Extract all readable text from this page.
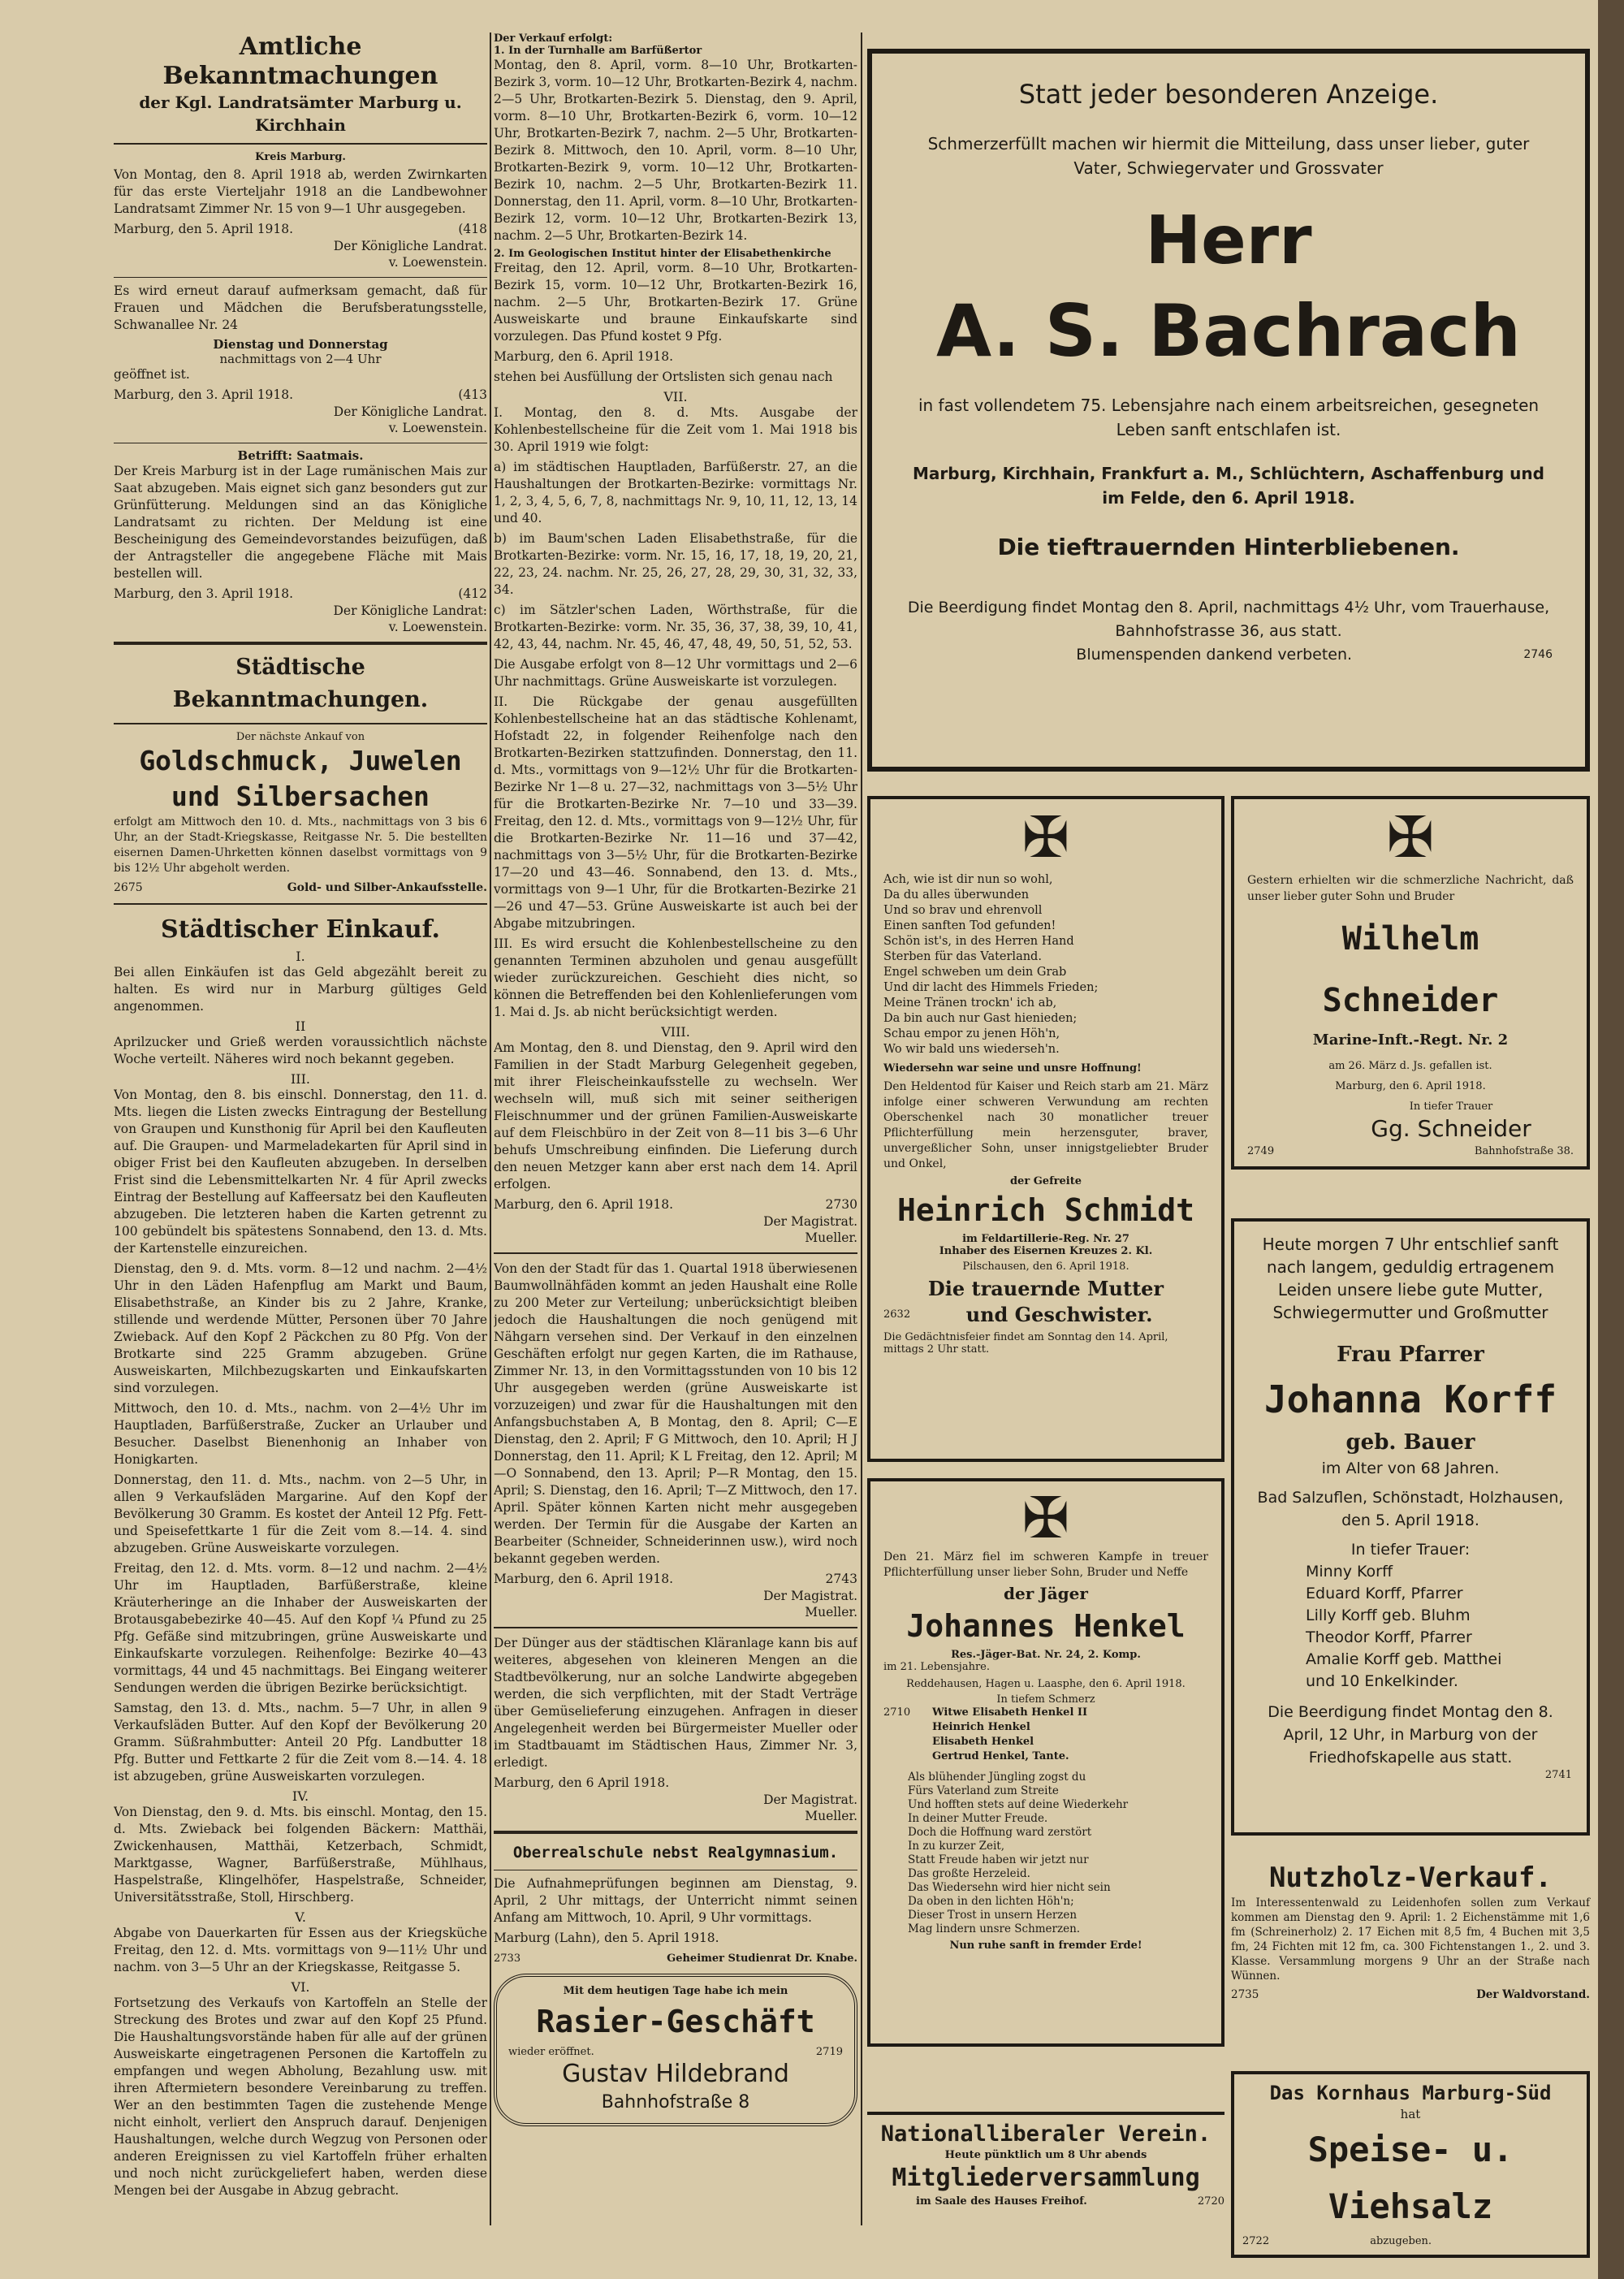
Amtliche Bekanntmachungen
der Kgl. Landratsämter Marburg u. Kirchhain
Kreis Marburg.

Von Montag, den 8. April 1918 ab, werden Zwirnkarten für das erste Vierteljahr 1918 an die Landbewohner Landratsamt Zimmer Nr. 15 von 9—1 Uhr ausgegeben.

Marburg, den 5. April 1918.	(418

Der Königliche Landrat.
v. Loewenstein.

Es wird erneut darauf aufmerksam gemacht, daß für Frauen und Mädchen die Berufsberatungsstelle, Schwanallee Nr. 24

Dienstag und Donnerstag
nachmittags von 2—4 Uhr

geöffnet ist.

Marburg, den 3. April 1918.	(413

Der Königliche Landrat.
v. Loewenstein.
Betrifft: Saatmais.

Der Kreis Marburg ist in der Lage rumänischen Mais zur Saat abzugeben. Mais eignet sich ganz besonders gut zur Grünfütterung. Meldungen sind an das Königliche Landratsamt zu richten. Der Meldung ist eine Bescheinigung des Gemeindevorstandes beizufügen, daß der Antragsteller die angegebene Fläche mit Mais bestellen will.

Marburg, den 3. April 1918.	(412

Der Königliche Landrat:
v. Loewenstein.
Städtische Bekanntmachungen.
Der nächste Ankauf von
Goldschmuck, Juwelen
und Silbersachen

erfolgt am Mittwoch den 10. d. Mts., nachmittags von 3 bis 6 Uhr, an der Stadt-Kriegskasse, Reitgasse Nr. 5. Die bestellten eisernen Damen-Uhrketten können daselbst vormittags von 9 bis 12½ Uhr abgeholt werden.

2675	Gold- und Silber-Ankaufsstelle.

Städtischer Einkauf.
I.

Bei allen Einkäufen ist das Geld abgezählt bereit zu halten. Es wird nur in Marburg gültiges Geld angenommen.

II

Aprilzucker und Grieß werden voraussichtlich nächste Woche verteilt. Näheres wird noch bekannt gegeben.

III.

Von Montag, den 8. bis einschl. Donnerstag, den 11. d. Mts. liegen die Listen zwecks Eintragung der Bestellung von Graupen und Kunsthonig für April bei den Kaufleuten auf. Die Graupen- und Marmeladekarten für April sind in obiger Frist bei den Kaufleuten abzugeben. In derselben Frist sind die Lebensmittelkarten Nr. 4 für April zwecks Eintrag der Bestellung auf Kaffeersatz bei den Kaufleuten abzugeben. Die letzteren haben die Karten getrennt zu 100 gebündelt bis spätestens Sonnabend, den 13. d. Mts. der Kartenstelle einzureichen.

Dienstag, den 9. d. Mts. vorm. 8—12 und nachm. 2—4½ Uhr in den Läden Hafenpflug am Markt und Baum, Elisabethstraße, an Kinder bis zu 2 Jahre, Kranke, stillende und werdende Mütter, Personen über 70 Jahre Zwieback. Auf den Kopf 2 Päckchen zu 80 Pfg. Von der Brotkarte sind 225 Gramm abzugeben. Grüne Ausweiskarten, Milchbezugskarten und Einkaufskarten sind vorzulegen.

Mittwoch, den 10. d. Mts., nachm. von 2—4½ Uhr im Hauptladen, Barfüßerstraße, Zucker an Urlauber und Besucher. Daselbst Bienenhonig an Inhaber von Honigkarten.

Donnerstag, den 11. d. Mts., nachm. von 2—5 Uhr, in allen 9 Verkaufsläden Margarine. Auf den Kopf der Bevölkerung 30 Gramm. Es kostet der Anteil 12 Pfg. Fett- und Speisefettkarte 1 für die Zeit vom 8.—14. 4. sind abzugeben. Grüne Ausweiskarte vorzulegen.

Freitag, den 12. d. Mts. vorm. 8—12 und nachm. 2—4½ Uhr im Hauptladen, Barfüßerstraße, kleine Kräuterheringe an die Inhaber der Ausweiskarten der Brotausgabebezirke 40—45. Auf den Kopf ¼ Pfund zu 25 Pfg. Gefäße sind mitzubringen, grüne Ausweiskarte und Einkaufskarte vorzulegen. Reihenfolge: Bezirke 40—43 vormittags, 44 und 45 nachmittags. Bei Eingang weiterer Sendungen werden die übrigen Bezirke berücksichtigt.

Samstag, den 13. d. Mts., nachm. 5—7 Uhr, in allen 9 Verkaufsläden Butter. Auf den Kopf der Bevölkerung 20 Gramm. Süßrahmbutter: Anteil 20 Pfg. Landbutter 18 Pfg. Butter und Fettkarte 2 für die Zeit vom 8.—14. 4. 18 ist abzugeben, grüne Ausweiskarten vorzulegen.

IV.

Von Dienstag, den 9. d. Mts. bis einschl. Montag, den 15. d. Mts. Zwieback bei folgenden Bäckern: Matthäi, Zwickenhausen, Matthäi, Ketzerbach, Schmidt, Marktgasse, Wagner, Barfüßerstraße, Mühlhaus, Haspelstraße, Klingelhöfer, Haspelstraße, Schneider, Universitätsstraße, Stoll, Hirschberg.

V.

Abgabe von Dauerkarten für Essen aus der Kriegsküche Freitag, den 12. d. Mts. vormittags von 9—11½ Uhr und nachm. von 3—5 Uhr an der Kriegskasse, Reitgasse 5.

VI.

Fortsetzung des Verkaufs von Kartoffeln an Stelle der Streckung des Brotes und zwar auf den Kopf 25 Pfund. Die Haushaltungsvorstände haben für alle auf der grünen Ausweiskarte eingetragenen Personen die Kartoffeln zu empfangen und wegen Abholung, Bezahlung usw. mit ihren Aftermietern besondere Vereinbarung zu treffen. Wer an den bestimmten Tagen die zustehende Menge nicht einholt, verliert den Anspruch darauf. Denjenigen Haushaltungen, welche durch Wegzug von Personen oder anderen Ereignissen zu viel Kartoffeln früher erhalten und noch nicht zurückgeliefert haben, werden diese Mengen bei der Ausgabe in Abzug gebracht.

Der Verkauf erfolgt:
1. In der Turnhalle am Barfüßertor

Montag, den 8. April, vorm. 8—10 Uhr, Brotkarten-Bezirk 3, vorm. 10—12 Uhr, Brotkarten-Bezirk 4, nachm. 2—5 Uhr, Brotkarten-Bezirk 5. Dienstag, den 9. April, vorm. 8—10 Uhr, Brotkarten-Bezirk 6, vorm. 10—12 Uhr, Brotkarten-Bezirk 7, nachm. 2—5 Uhr, Brotkarten-Bezirk 8. Mittwoch, den 10. April, vorm. 8—10 Uhr, Brotkarten-Bezirk 9, vorm. 10—12 Uhr, Brotkarten-Bezirk 10, nachm. 2—5 Uhr, Brotkarten-Bezirk 11. Donnerstag, den 11. April, vorm. 8—10 Uhr, Brotkarten-Bezirk 12, vorm. 10—12 Uhr, Brotkarten-Bezirk 13, nachm. 2—5 Uhr, Brotkarten-Bezirk 14.

2. Im Geologischen Institut hinter der Elisabethenkirche

Freitag, den 12. April, vorm. 8—10 Uhr, Brotkarten-Bezirk 15, vorm. 10—12 Uhr, Brotkarten-Bezirk 16, nachm. 2—5 Uhr, Brotkarten-Bezirk 17. Grüne Ausweiskarte und braune Einkaufskarte sind vorzulegen. Das Pfund kostet 9 Pfg.

Marburg, den 6. April 1918.

stehen bei Ausfüllung der Ortslisten sich genau nach

VII.

I. Montag, den 8. d. Mts. Ausgabe der Kohlenbestellscheine für die Zeit vom 1. Mai 1918 bis 30. April 1919 wie folgt:

a) im städtischen Hauptladen, Barfüßerstr. 27, an die Haushaltungen der Brotkarten-Bezirke: vormittags Nr. 1, 2, 3, 4, 5, 6, 7, 8, nachmittags Nr. 9, 10, 11, 12, 13, 14 und 40.

b) im Baum'schen Laden Elisabethstraße, für die Brotkarten-Bezirke: vorm. Nr. 15, 16, 17, 18, 19, 20, 21, 22, 23, 24. nachm. Nr. 25, 26, 27, 28, 29, 30, 31, 32, 33, 34.

c) im Sätzler'schen Laden, Wörthstraße, für die Brotkarten-Bezirke: vorm. Nr. 35, 36, 37, 38, 39, 10, 41, 42, 43, 44, nachm. Nr. 45, 46, 47, 48, 49, 50, 51, 52, 53.

Die Ausgabe erfolgt von 8—12 Uhr vormittags und 2—6 Uhr nachmittags. Grüne Ausweiskarte ist vorzulegen.

II. Die Rückgabe der genau ausgefüllten Kohlenbestellscheine hat an das städtische Kohlenamt, Hofstadt 22, in folgender Reihenfolge nach den Brotkarten-Bezirken stattzufinden. Donnerstag, den 11. d. Mts., vormittags von 9—12½ Uhr für die Brotkarten-Bezirke Nr 1—8 u. 27—32, nachmittags von 3—5½ Uhr für die Brotkarten-Bezirke Nr. 7—10 und 33—39. Freitag, den 12. d. Mts., vormittags von 9—12½ Uhr, für die Brotkarten-Bezirke Nr. 11—16 und 37—42, nachmittags von 3—5½ Uhr, für die Brotkarten-Bezirke 17—20 und 43—46. Sonnabend, den 13. d. Mts., vormittags von 9—1 Uhr, für die Brotkarten-Bezirke 21—26 und 47—53. Grüne Ausweiskarte ist auch bei der Abgabe mitzubringen.

III. Es wird ersucht die Kohlenbestellscheine zu den genannten Terminen abzuholen und genau ausgefüllt wieder zurückzureichen. Geschieht dies nicht, so können die Betreffenden bei den Kohlenlieferungen vom 1. Mai d. Js. ab nicht berücksichtigt werden.

VIII.

Am Montag, den 8. und Dienstag, den 9. April wird den Familien in der Stadt Marburg Gelegenheit gegeben, mit ihrer Fleischeinkaufsstelle zu wechseln. Wer wechseln will, muß sich mit seiner seitherigen Fleischnummer und der grünen Familien-Ausweiskarte auf dem Fleischbüro in der Zeit von 8—11 bis 3—6 Uhr behufs Umschreibung einfinden. Die Lieferung durch den neuen Metzger kann aber erst nach dem 14. April erfolgen.

Marburg, den 6. April 1918.	2730

Der Magistrat.
Mueller.

Von den der Stadt für das 1. Quartal 1918 überwiesenen Baumwollnähfäden kommt an jeden Haushalt eine Rolle zu 200 Meter zur Verteilung; unberücksichtigt bleiben jedoch die Haushaltungen die noch genügend mit Nähgarn versehen sind. Der Verkauf in den einzelnen Geschäften erfolgt nur gegen Karten, die im Rathause, Zimmer Nr. 13, in den Vormittagsstunden von 10 bis 12 Uhr ausgegeben werden (grüne Ausweiskarte ist vorzuzeigen) und zwar für die Haushaltungen mit den Anfangsbuchstaben A, B Montag, den 8. April; C—E Dienstag, den 2. April; F G Mittwoch, den 10. April; H J Donnerstag, den 11. April; K L Freitag, den 12. April; M—O Sonnabend, den 13. April; P—R Montag, den 15. April; S. Dienstag, den 16. April; T—Z Mittwoch, den 17. April. Später können Karten nicht mehr ausgegeben werden. Der Termin für die Ausgabe der Karten an Bearbeiter (Schneider, Schneiderinnen usw.), wird noch bekannt gegeben werden.

Marburg, den 6. April 1918.	2743

Der Magistrat.
Mueller.

Der Dünger aus der städtischen Kläranlage kann bis auf weiteres, abgesehen von kleineren Mengen an die Stadtbevölkerung, nur an solche Landwirte abgegeben werden, die sich verpflichten, mit der Stadt Verträge über Gemüselieferung einzugehen. Anfragen in dieser Angelegenheit werden bei Bürgermeister Mueller oder im Stadtbauamt im Städtischen Haus, Zimmer Nr. 3, erledigt.

Marburg, den 6 April 1918.

Der Magistrat.
Mueller.
Oberrealschule nebst Realgymnasium.

Die Aufnahmeprüfungen beginnen am Dienstag, 9. April, 2 Uhr mittags, der Unterricht nimmt seinen Anfang am Mittwoch, 10. April, 9 Uhr vormittags.

Marburg (Lahn), den 5. April 1918.

2733	Geheimer Studienrat Dr. Knabe.

Mit dem heutigen Tage habe ich mein
Rasier-Geschäft
wieder eröffnet.	2719
Gustav Hildebrand
Bahnhofstraße 8
Statt jeder besonderen Anzeige.
Schmerzerfüllt machen wir hiermit die Mitteilung, dass unser lieber, guter Vater, Schwiegervater und Grossvater
Herr
A. S. Bachrach
in fast vollendetem 75. Lebensjahre nach einem arbeitsreichen, gesegneten Leben sanft entschlafen ist.
Marburg, Kirchhain, Frankfurt a. M., Schlüchtern, Aschaffenburg und im Felde, den 6. April 1918.
Die tieftrauernden Hinterbliebenen.
Die Beerdigung findet Montag den 8. April, nachmittags 4½ Uhr, vom Trauerhause, Bahnhofstrasse 36, aus statt.
Blumenspenden dankend verbeten.	2746
✠
Ach, wie ist dir nun so wohl,
Da du alles überwunden
Und so brav und ehrenvoll
Einen sanften Tod gefunden!
Schön ist's, in des Herren Hand
Sterben für das Vaterland.
Engel schweben um dein Grab
Und dir lacht des Himmels Frieden;
Meine Tränen trockn' ich ab,
Da bin auch nur Gast hienieden;
Schau empor zu jenen Höh'n,
Wo wir bald uns wiederseh'n.
Wiedersehn war seine und unsre Hoffnung!

Den Heldentod für Kaiser und Reich starb am 21. März infolge einer schweren Verwundung am rechten Oberschenkel nach 30 monatlicher treuer Pflichterfüllung mein herzensguter, braver, unvergeßlicher Sohn, unser innigstgeliebter Bruder und Onkel,

der Gefreite
Heinrich Schmidt
im Feldartillerie-Reg. Nr. 27
Inhaber des Eisernen Kreuzes 2. Kl.
Pilschausen, den 6. April 1918.
Die trauernde Mutter
2632	und Geschwister.
Die Gedächtnisfeier findet am Sonntag den 14. April, mittags 2 Uhr statt.
✠

Gestern erhielten wir die schmerzliche Nachricht, daß unser lieber guter Sohn und Bruder

Wilhelm Schneider
Marine-Inft.-Regt. Nr. 2
am 26. März d. Js. gefallen ist.
Marburg, den 6. April 1918.
In tiefer Trauer
Gg. Schneider
2749	Bahnhofstraße 38.
Heute morgen 7 Uhr entschlief sanft nach langem, geduldig ertragenem Leiden unsere liebe gute Mutter, Schwiegermutter und Großmutter
Frau Pfarrer
Johanna Korff
geb. Bauer
im Alter von 68 Jahren.
Bad Salzuflen, Schönstadt, Holzhausen, den 5. April 1918.
In tiefer Trauer:
Minny Korff
Eduard Korff, Pfarrer
Lilly Korff geb. Bluhm
Theodor Korff, Pfarrer
Amalie Korff geb. Matthei
und 10 Enkelkinder.
Die Beerdigung findet Montag den 8. April, 12 Uhr, in Marburg von der Friedhofskapelle aus statt.
2741
✠

Den 21. März fiel im schweren Kampfe in treuer Pflichterfüllung unser lieber Sohn, Bruder und Neffe

der Jäger
Johannes Henkel
Res.-Jäger-Bat. Nr. 24, 2. Komp.
im 21. Lebensjahre.
Reddehausen, Hagen u. Laasphe, den 6. April 1918.
In tiefem Schmerz
2710 Witwe Elisabeth Henkel II
Heinrich Henkel
Elisabeth Henkel
Gertrud Henkel, Tante.
Als blühender Jüngling zogst du
Fürs Vaterland zum Streite
Und hofften stets auf deine Wiederkehr
In deiner Mutter Freude.
Doch die Hoffnung ward zerstört
In zu kurzer Zeit,
Statt Freude haben wir jetzt nur
Das großte Herzeleid.
Das Wiedersehn wird hier nicht sein
Da oben in den lichten Höh'n;
Dieser Trost in unsern Herzen
Mag lindern unsre Schmerzen.
Nun ruhe sanft in fremder Erde!
Nutzholz-Verkauf.

Im Interessentenwald zu Leidenhofen sollen zum Verkauf kommen am Dienstag den 9. April: 1. 2 Eichenstämme mit 1,6 fm (Schreinerholz) 2. 17 Eichen mit 8,5 fm, 4 Buchen mit 3,5 fm, 24 Fichten mit 12 fm, ca. 300 Fichtenstangen 1., 2. und 3. Klasse. Versammlung morgens 9 Uhr an der Straße nach Wünnen.

2735	Der Waldvorstand.

Nationalliberaler Verein.
Heute pünktlich um 8 Uhr abends
Mitgliederversammlung
im Saale des Hauses Freihof.	2720
Das Kornhaus Marburg-Süd
hat
Speise- u. Viehsalz
2722	abzugeben.
